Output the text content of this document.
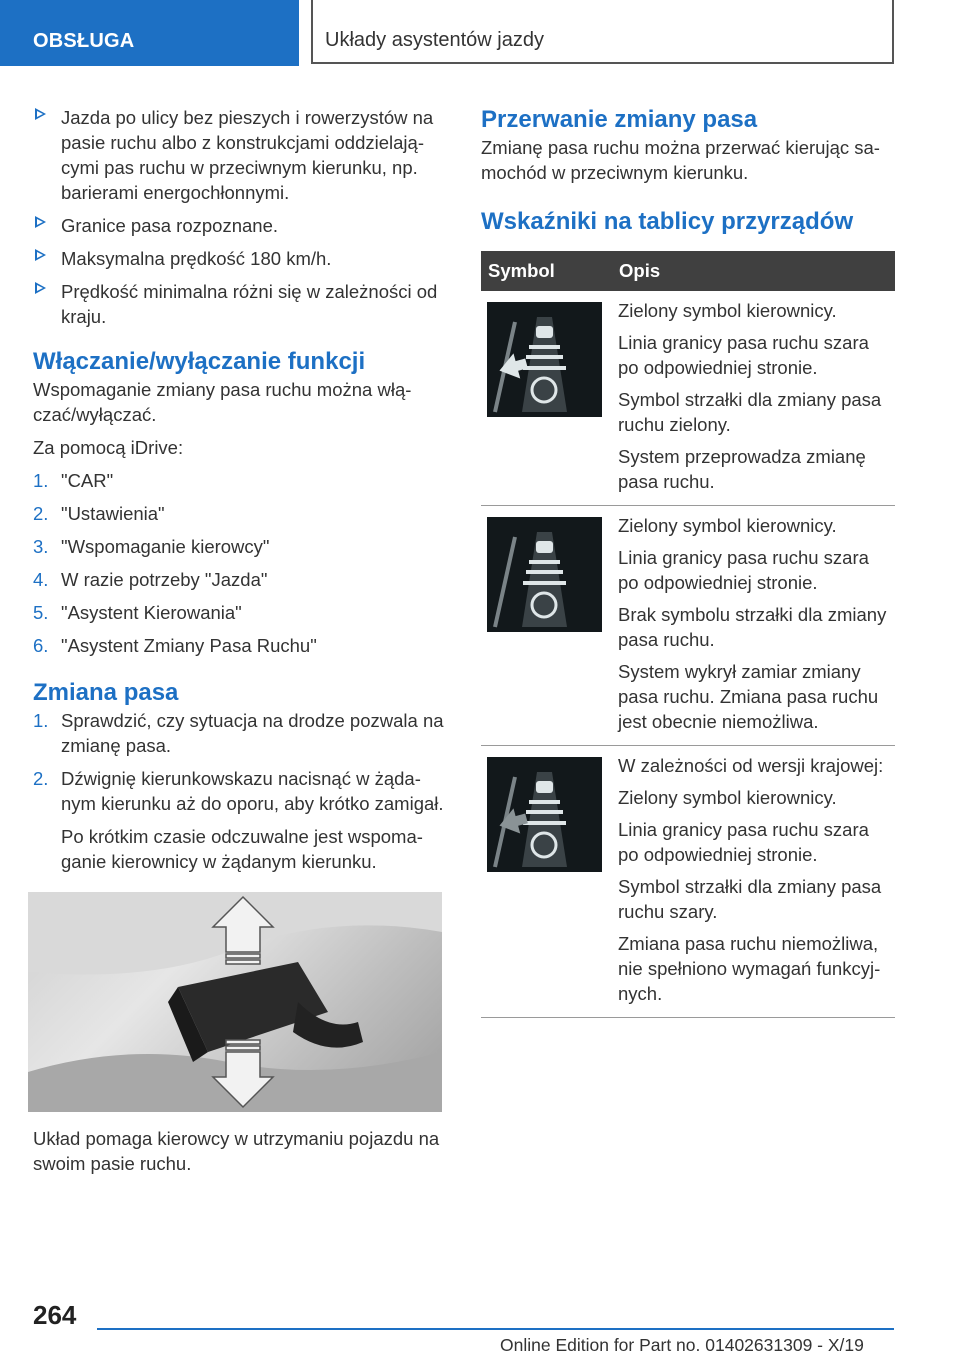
OBSŁUGA	Układy asystentów jazdy
Jazda po ulicy bez pieszych i rowerzystów na pasie ruchu albo z konstrukcjami oddzielającymi pas ruchu w przeciwnym kierunku, np. barierami energochłonnymi.
Granice pasa rozpoznane.
Maksymalna prędkość 180 km/h.
Prędkość minimalna różni się w zależności od kraju.
Włączanie/wyłączanie funkcji

Wspomaganie zmiany pasa ruchu można włączać/wyłączać.

Za pomocą iDrive:

1. "CAR"
2. "Ustawienia"
3. "Wspomaganie kierowcy"
4. W razie potrzeby "Jazda"
5. "Asystent Kierowania"
6. "Asystent Zmiany Pasa Ruchu"
Zmiana pasa
1. Sprawdzić, czy sytuacja na drodze pozwala na zmianę pasa.
2. Dźwignię kierunkowskazu nacisnąć w żądanym kierunku aż do oporu, aby krótko zamigał.
Po krótkim czasie odczuwalne jest wspomaganie kierownicy w żądanym kierunku.

Układ pomaga kierowcy w utrzymaniu pojazdu na swoim pasie ruchu.

Przerwanie zmiany pasa

Zmianę pasa ruchu można przerwać kierując samochód w przeciwnym kierunku.

Wskaźniki na tablicy przyrządów
Symbol	Opis

Zielony symbol kierownicy.
Linia granicy pasa ruchu szara po odpowiedniej stronie.
Symbol strzałki dla zmiany pasa ruchu zielony.
System przeprowadza zmianę pasa ruchu.

Zielony symbol kierownicy.
Linia granicy pasa ruchu szara po odpowiedniej stronie.
Brak symbolu strzałki dla zmiany pasa ruchu.
System wykrył zamiar zmiany pasa ruchu. Zmiana pasa ruchu jest obecnie niemożliwa.

W zależności od wersji krajowej:
Zielony symbol kierownicy.
Linia granicy pasa ruchu szara po odpowiedniej stronie.
Symbol strzałki dla zmiany pasa ruchu szary.
Zmiana pasa ruchu niemożliwa, nie spełniono wymagań funkcyjnych.
264
Online Edition for Part no. 01402631309 - X/19
